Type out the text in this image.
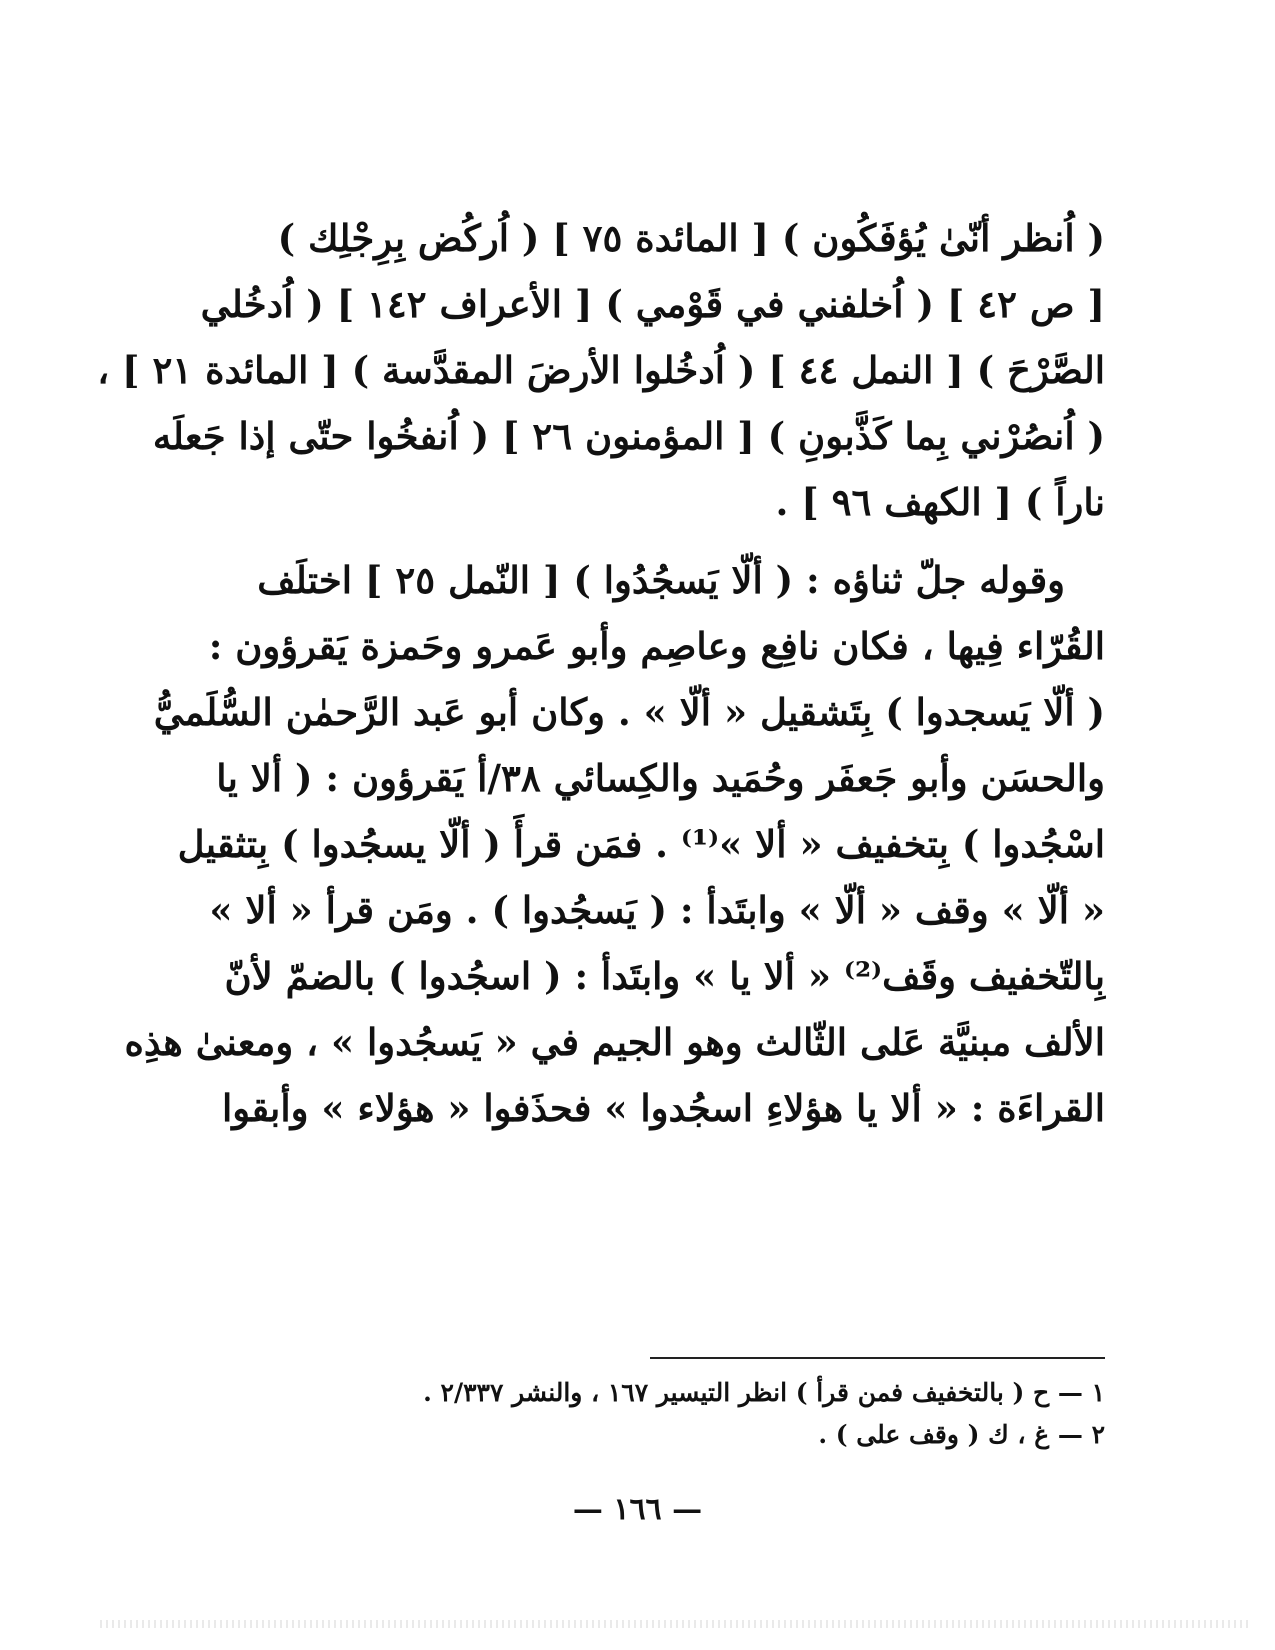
( اُنظر أنّىٰ يُؤفَكُون ) [ المائدة ٧٥ ] ( اُركُض بِرِجْلِك )
[ ص ٤٢ ] ( اُخلفني في قَوْمي ) [ الأعراف ١٤٢ ] ( اُدخُلي
الصَّرْحَ ) [ النمل ٤٤ ] ( اُدخُلوا الأرضَ المقدَّسة ) [ المائدة ٢١ ] ،
( اُنصُرْني بِما كَذَّبونِ ) [ المؤمنون ٢٦ ] ( اُنفخُوا حتّى إذا جَعلَه
ناراً ) [ الكهف ٩٦ ] .

وقوله جلّ ثناؤه : ( ألّا يَسجُدُوا ) [ النّمل ٢٥ ] اختلَف

القُرّاء فِيها ، فكان نافِع وعاصِم وأبو عَمرو وحَمزة يَقرؤون :
( ألّا يَسجدوا ) بِتَشقيل « ألّا » . وكان أبو عَبد الرَّحمٰن السُّلَميُّ
والحسَن وأبو جَعفَر وحُمَيد والكِسائي ٣٨/أ يَقرؤون : ( ألا يا
اسْجُدوا ) بِتخفيف « ألا »⁽¹⁾ . فمَن قرأَ ( ألّا يسجُدوا ) بِتثقيل
« ألّا » وقف « ألّا » وابتَدأ : ( يَسجُدوا ) . ومَن قرأ « ألا »
بِالتّخفيف وقَف⁽²⁾ « ألا يا » وابتَدأ : ( اسجُدوا ) بالضمّ لأنّ
الألف مبنيَّة عَلى الثّالث وهو الجيم في « يَسجُدوا » ، ومعنىٰ هذِه
القراءَة : « ألا يا هؤلاءِ اسجُدوا » فحذَفوا « هؤلاء » وأبقوا

١ — ح ( بالتخفيف فمن قرأ ) انظر التيسير ١٦٧ ، والنشر ٢/٣٣٧ .
٢ — غ ، ك ( وقف على ) .
— ١٦٦ —
